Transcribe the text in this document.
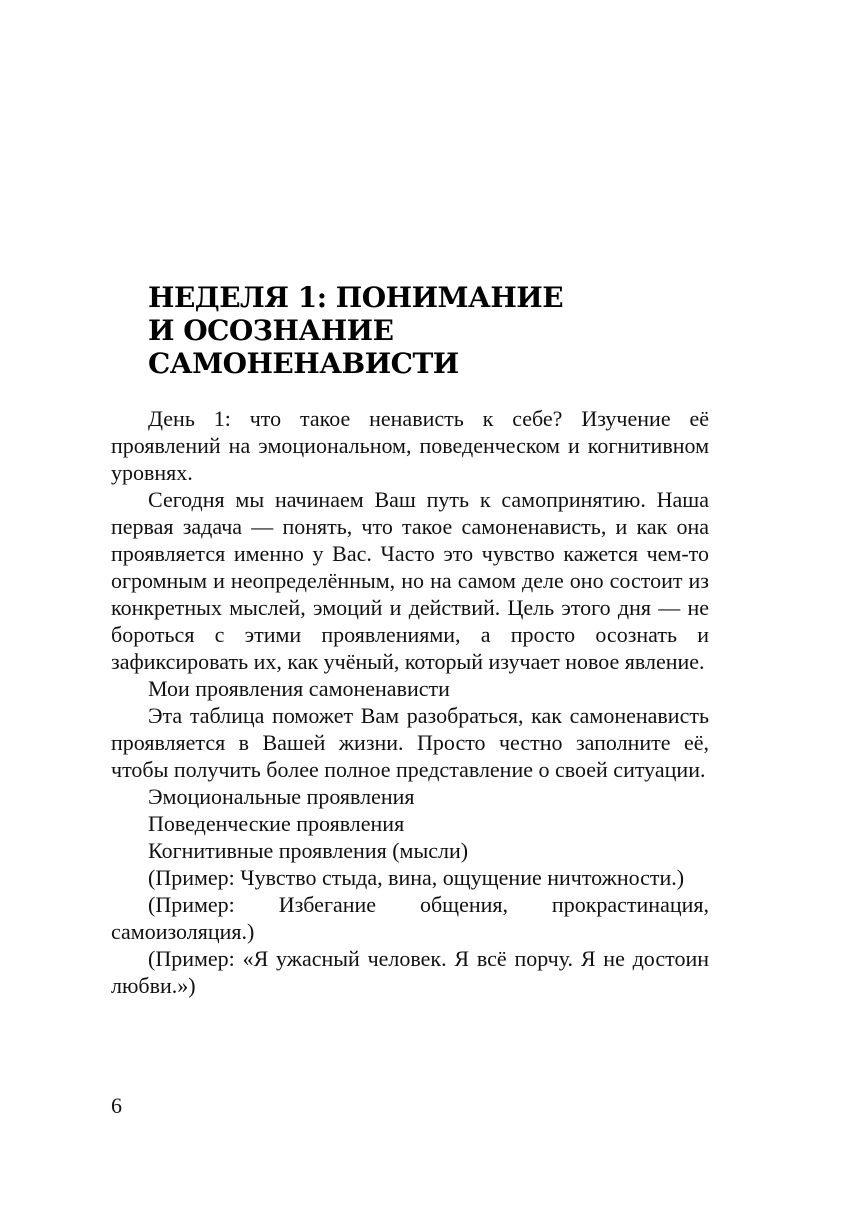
НЕДЕЛЯ 1: ПОНИМАНИЕ
И ОСОЗНАНИЕ
САМОНЕНАВИСТИ

День 1: что такое ненависть к себе? Изучение её проявлений на эмоциональном, поведенческом и когнитивном уровнях.

Сегодня мы начинаем Ваш путь к самопринятию. Наша первая задача — понять, что такое самоненависть, и как она проявляется именно у Вас. Часто это чувство кажется чем-то огромным и неопределённым, но на самом деле оно состоит из конкретных мыслей, эмоций и действий. Цель этого дня — не бороться с этими проявлениями, а просто осознать и зафиксировать их, как учёный, который изучает новое явление.

Мои проявления самоненависти

Эта таблица поможет Вам разобраться, как самоненависть проявляется в Вашей жизни. Просто честно заполните её, чтобы получить более полное представление о своей ситуации.

Эмоциональные проявления

Поведенческие проявления

Когнитивные проявления (мысли)

(Пример: Чувство стыда, вина, ощущение ничтожности.)

(Пример: Избегание общения, прокрастинация, самоизоляция.)

(Пример: «Я ужасный человек. Я всё порчу. Я не достоин любви.»)

6
